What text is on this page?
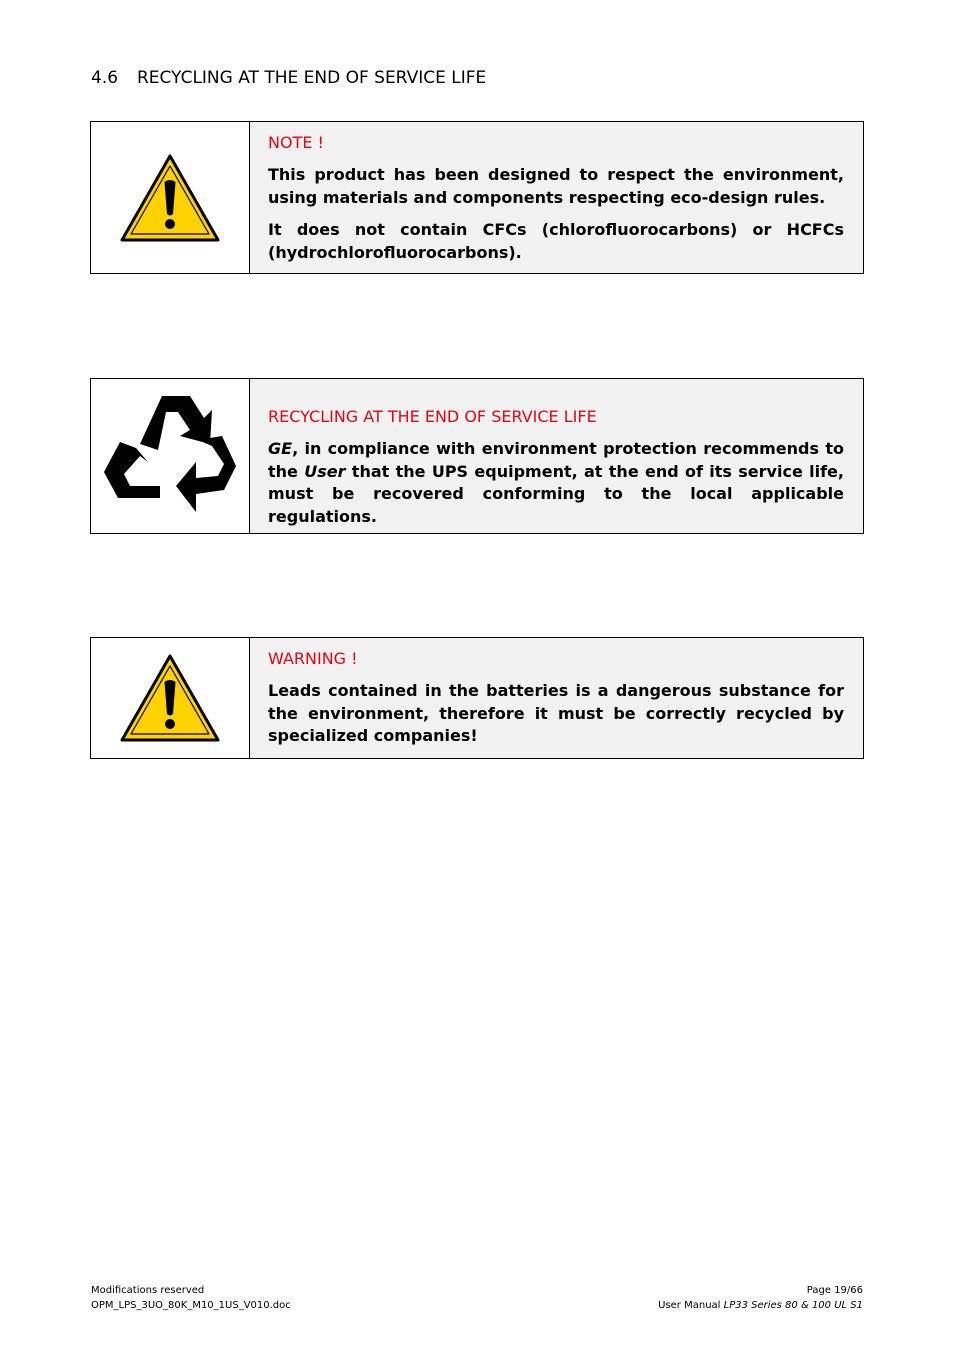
4.6 RECYCLING AT THE END OF SERVICE LIFE
NOTE !

This product has been designed to respect the environment, using materials and components respecting eco-design rules.

It does not contain CFCs (chlorofluorocarbons) or HCFCs (hydrochlorofluorocarbons).

RECYCLING AT THE END OF SERVICE LIFE

GE, in compliance with environment protection recommends to the User that the UPS equipment, at the end of its service life, must be recovered conforming to the local applicable regulations.

WARNING !

Leads contained in the batteries is a dangerous substance for the environment, therefore it must be correctly recycled by specialized companies!

Modifications reserved
OPM_LPS_3UO_80K_M10_1US_V010.doc
Page 19/66
User Manual LP33 Series 80 & 100 UL S1
